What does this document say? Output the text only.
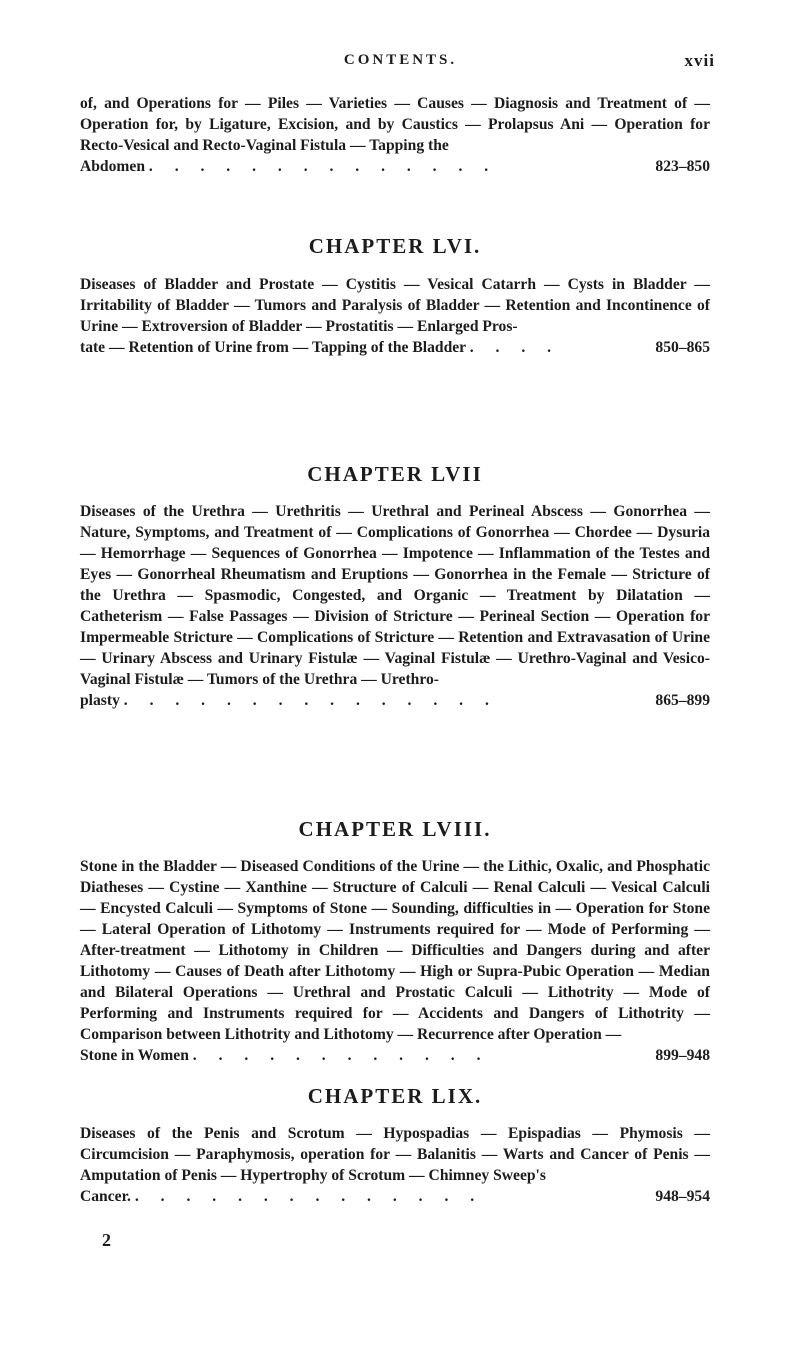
CONTENTS.	xvii
of, and Operations for — Piles — Varieties — Causes — Diagnosis and Treatment of — Operation for, by Ligature, Excision, and by Caustics — Prolapsus Ani — Operation for Recto-Vesical and Recto-Vaginal Fistula — Tapping the
Abdomen . . . . . . . . . . . . . .	823–850
CHAPTER LVI.
Diseases of Bladder and Prostate — Cystitis — Vesical Catarrh — Cysts in Bladder — Irritability of Bladder — Tumors and Paralysis of Bladder — Retention and Incontinence of Urine — Extroversion of Bladder — Prostatitis — Enlarged Pros-
tate — Retention of Urine from — Tapping of the Bladder . . . .	850–865
CHAPTER LVII
Diseases of the Urethra — Urethritis — Urethral and Perineal Abscess — Gonorrhea — Nature, Symptoms, and Treatment of — Complications of Gonorrhea — Chordee — Dysuria — Hemorrhage — Sequences of Gonorrhea — Impotence — Inflammation of the Testes and Eyes — Gonorrheal Rheumatism and Eruptions — Gonorrhea in the Female — Stricture of the Urethra — Spasmodic, Congested, and Organic — Treatment by Dilatation — Catheterism — False Passages — Division of Stricture — Perineal Section — Operation for Impermeable Stricture — Complications of Stricture — Retention and Extravasation of Urine — Urinary Abscess and Urinary Fistulæ — Vaginal Fistulæ — Urethro-Vaginal and Vesico-Vaginal Fistulæ — Tumors of the Urethra — Urethro-
plasty . . . . . . . . . . . . . . .	865–899
CHAPTER LVIII.
Stone in the Bladder — Diseased Conditions of the Urine — the Lithic, Oxalic, and Phosphatic Diatheses — Cystine — Xanthine — Structure of Calculi — Renal Calculi — Vesical Calculi — Encysted Calculi — Symptoms of Stone — Sounding, difficulties in — Operation for Stone — Lateral Operation of Lithotomy — Instruments required for — Mode of Performing — After-treatment — Lithotomy in Children — Difficulties and Dangers during and after Lithotomy — Causes of Death after Lithotomy — High or Supra-Pubic Operation — Median and Bilateral Operations — Urethral and Prostatic Calculi — Lithotrity — Mode of Performing and Instruments required for — Accidents and Dangers of Lithotrity — Comparison between Lithotrity and Lithotomy — Recurrence after Operation —
Stone in Women . . . . . . . . . . . .	899–948
CHAPTER LIX.
Diseases of the Penis and Scrotum — Hypospadias — Epispadias — Phymosis — Circumcision — Paraphymosis, operation for — Balanitis — Warts and Cancer of Penis — Amputation of Penis — Hypertrophy of Scrotum — Chimney Sweep's
Cancer. . . . . . . . . . . . . . .	948–954
2
